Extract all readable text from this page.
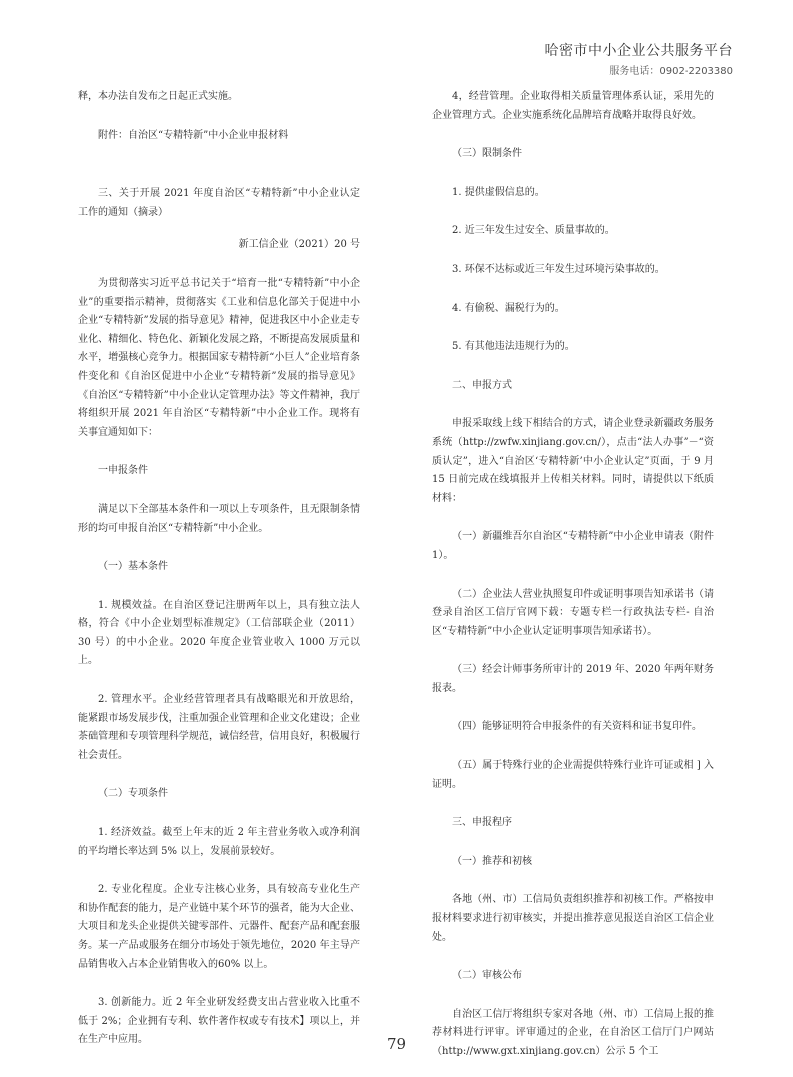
哈密市中小企业公共服务平台
服务电话：0902-2203380

释，本办法自发布之日起正式实施。

附件：自治区“专精特新”中小企业申报材料

三、关于开展 2021 年度自治区“专精特新”中小企业认定工作的通知（摘录）

新工信企业（2021）20 号

为贯彻落实习近平总书记关于“培育一批“专精特新”中小企业”的重要指示精神，贯彻落实《工业和信息化部关于促进中小企业“专精特新”发展的指导意见》精神，促进我区中小企业走专业化、精细化、特色化、新颖化发展之路，不断提高发展质量和水平，增强核心竞争力。根据国家专精特新“小巨人”企业培育条件变化和《自治区促进中小企业“专精特新”发展的指导意见》《自治区“专精特新”中小企业认定管理办法》等文件精神，我厅将组织开展 2021 年自治区“专精特新”中小企业工作。现将有关事宜通知如下：

一申报条件

满足以下全部基本条件和一项以上专项条件，且无限制条情形的均可申报自治区“专精特新”中小企业。

（一）基本条件

1. 规模效益。在自治区登记注册两年以上，具有独立法人格，符合《中小企业划型标准规定》（工信部联企业（2011）30 号）的中小企业。2020 年度企业管业收入 1000 万元以上。

2. 管理水平。企业经营管理者具有战略眼光和开放思给，能紧跟市场发展步伐，注重加强企业管理和企业文化建设；企业茶础管理和专项管理科学规范，诚信经营，信用良好，积极履行社会责任。

（二）专项条件

1. 经济效益。截至上年末的近 2 年主营业务收入或净利润的平均增长率达到 5% 以上，发展前景较好。

2. 专业化程度。企业专注核心业务，具有较高专业化生产和协作配套的能力，是产业链中某个环节的强者，能为大企业、大项目和龙头企业提供关键零部件、元器件、配套产品和配套服务。某一产品或服务在细分市场处于领先地位，2020 年主导产品销售收入占本企业销售收入的60% 以上。

3. 创新能力。近 2 年全业研发经费支出占营业收入比重不低于 2%；企业拥有专利、软件著作权或专有技术】项以上，并在生产中应用。

4，经营管理。企业取得相关质量管理体系认证，采用先的企业管理方式。企业实施系统化品牌培育战略并取得良好效。

（三）限制条件

1. 提供虚假信息的。

2. 近三年发生过安全、质量事故的。

3. 环保不达标或近三年发生过环境污染事故的。

4. 有偷税、漏税行为的。

5. 有其他违法违规行为的。

二、申报方式

申报采取线上线下相结合的方式，请企业登录新疆政务服务系统（http://zwfw.xinjiang.gov.cn/），点击“法人办事”－“资质认定”，进入“自治区‘专精特新’中小企业认定”页面，于 9 月 15 日前完成在线填报并上传相关材料。同时，请提供以下纸质材料：

（一）新疆维吾尔自治区“专精特新”中小企业申请表（附件 1）。

（二）企业法人营业执照复印件或证明事项告知承诺书（请登录自治区工信厅官网下载：专题专栏一行政执法专栏- 自治区“专精特新”中小企业认定证明事项告知承诺书）。

（三）经会计师事务所审计的 2019 年、2020 年两年财务报表。

（四）能够证明符合申报条件的有关资料和证书复印件。

（五）属于特殊行业的企业需提供特殊行业许可证或相 ] 入证明。

三、申报程序

（一）推荐和初核

各地（州、市）工信局负责组织推荐和初核工作。严格按申报材料要求进行初审核实，并提出推荐意见报送自治区工信企业处。

（二）审核公布

自治区工信厅将组织专家对各地（州、市）工信局上报的推荐材料进行评审。评审通过的企业，在自治区工信厅门户网站（http://www.gxt.xinjiang.gov.cn）公示 5 个工

79
